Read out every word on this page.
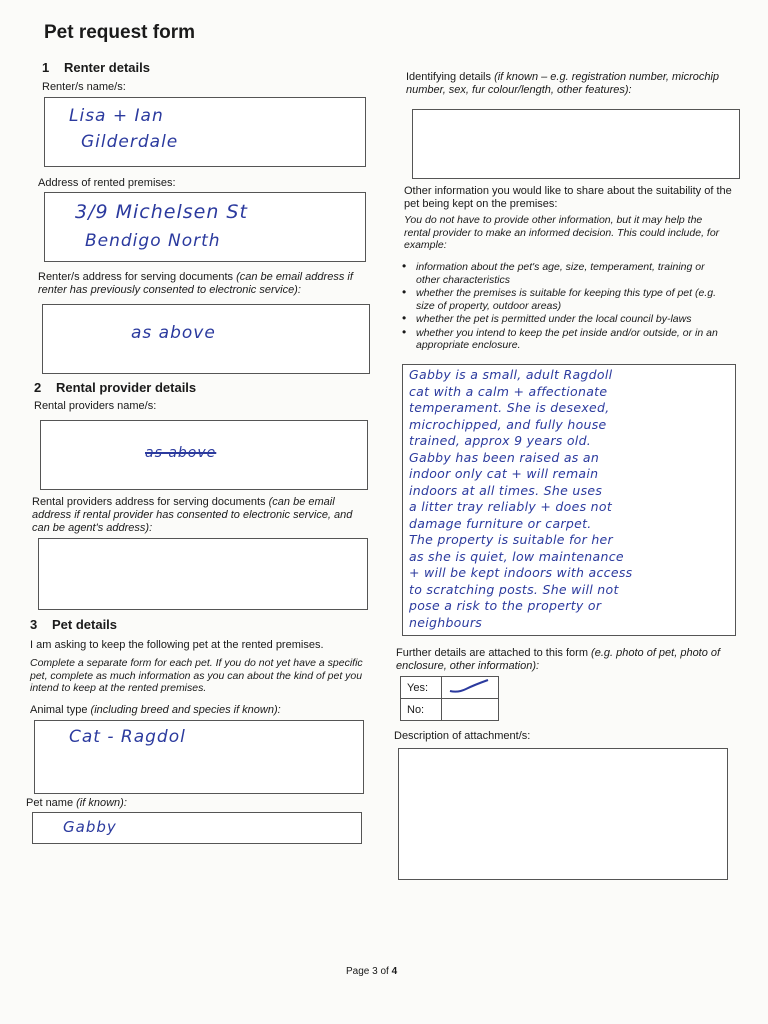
Pet request form
1 Renter details
Renter/s name/s:
Lisa + Ian
Gilderdale
Address of rented premises:
3/9 Michelsen St
Bendigo North
Renter/s address for serving documents (can be email address if renter has previously consented to electronic service):
as above
2 Rental provider details
Rental providers name/s:
as above
Rental providers address for serving documents (can be email address if rental provider has consented to electronic service, and can be agent's address):
3 Pet details
I am asking to keep the following pet at the rented premises.
Complete a separate form for each pet. If you do not yet have a specific pet, complete as much information as you can about the kind of pet you intend to keep at the rented premises.
Animal type (including breed and species if known):
Cat - Ragdol
Pet name (if known):
Gabby
Identifying details (if known – e.g. registration number, microchip number, sex, fur colour/length, other features):
Other information you would like to share about the suitability of the pet being kept on the premises:
You do not have to provide other information, but it may help the rental provider to make an informed decision. This could include, for example:
• information about the pet's age, size, temperament, training or other characteristics
• whether the premises is suitable for keeping this type of pet (e.g. size of property, outdoor areas)
• whether the pet is permitted under the local council by-laws
• whether you intend to keep the pet inside and/or outside, or in an appropriate enclosure.
Gabby is a small, adult Ragdoll
cat with a calm + affectionate
temperament. She is desexed,
microchipped, and fully house
trained, approx 9 years old.
Gabby has been raised as an
indoor only cat + will remain
indoors at all times. She uses
a litter tray reliably + does not
damage furniture or carpet.
The property is suitable for her
as she is quiet, low maintenance
+ will be kept indoors with access
to scratching posts. She will not
pose a risk to the property or
neighbours
Further details are attached to this form (e.g. photo of pet, photo of enclosure, other information):
Yes:	
No:	
Description of attachment/s:
Page 3 of 4
